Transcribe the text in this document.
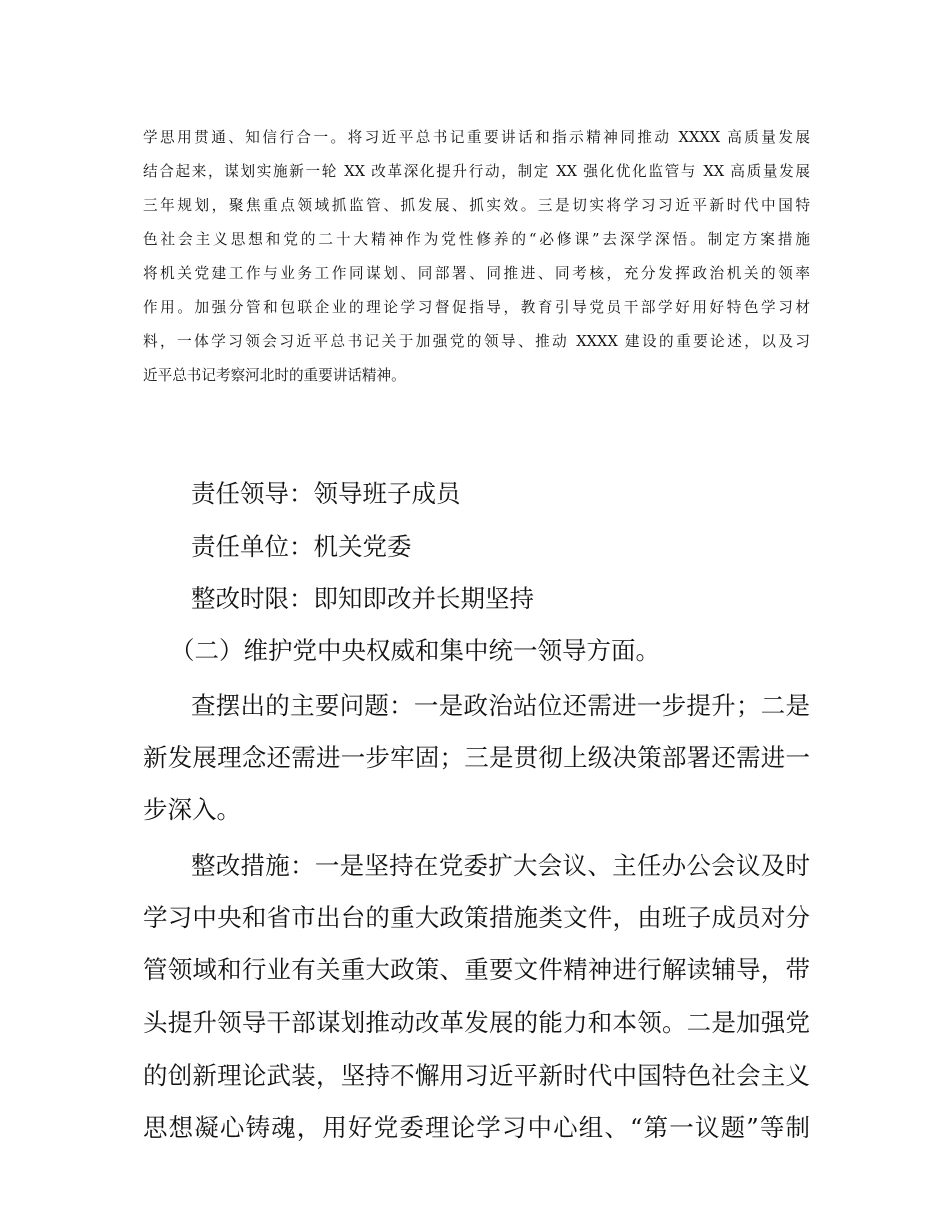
学思用贯通、知信行合一。将习近平总书记重要讲话和指示精神同推动 XXXX 高质量发展
结合起来，谋划实施新一轮 XX 改革深化提升行动，制定 XX 强化优化监管与 XX 高质量发展
三年规划，聚焦重点领域抓监管、抓发展、抓实效。三是切实将学习习近平新时代中国特
色社会主义思想和党的二十大精神作为党性修养的“必修课”去深学深悟。制定方案措施
将机关党建工作与业务工作同谋划、同部署、同推进、同考核，充分发挥政治机关的领率
作用。加强分管和包联企业的理论学习督促指导，教育引导党员干部学好用好特色学习材
料，一体学习领会习近平总书记关于加强党的领导、推动 XXXX 建设的重要论述，以及习
近平总书记考察河北时的重要讲话精神。
责任领导：领导班子成员
责任单位：机关党委
整改时限：即知即改并长期坚持
（二）维护党中央权威和集中统一领导方面。
查摆出的主要问题：一是政治站位还需进一步提升；二是
新发展理念还需进一步牢固；三是贯彻上级决策部署还需进一
步深入。
整改措施：一是坚持在党委扩大会议、主任办公会议及时
学习中央和省市出台的重大政策措施类文件，由班子成员对分
管领域和行业有关重大政策、重要文件精神进行解读辅导，带
头提升领导干部谋划推动改革发展的能力和本领。二是加强党
的创新理论武装，坚持不懈用习近平新时代中国特色社会主义
思想凝心铸魂，用好党委理论学习中心组、“第一议题”等制
